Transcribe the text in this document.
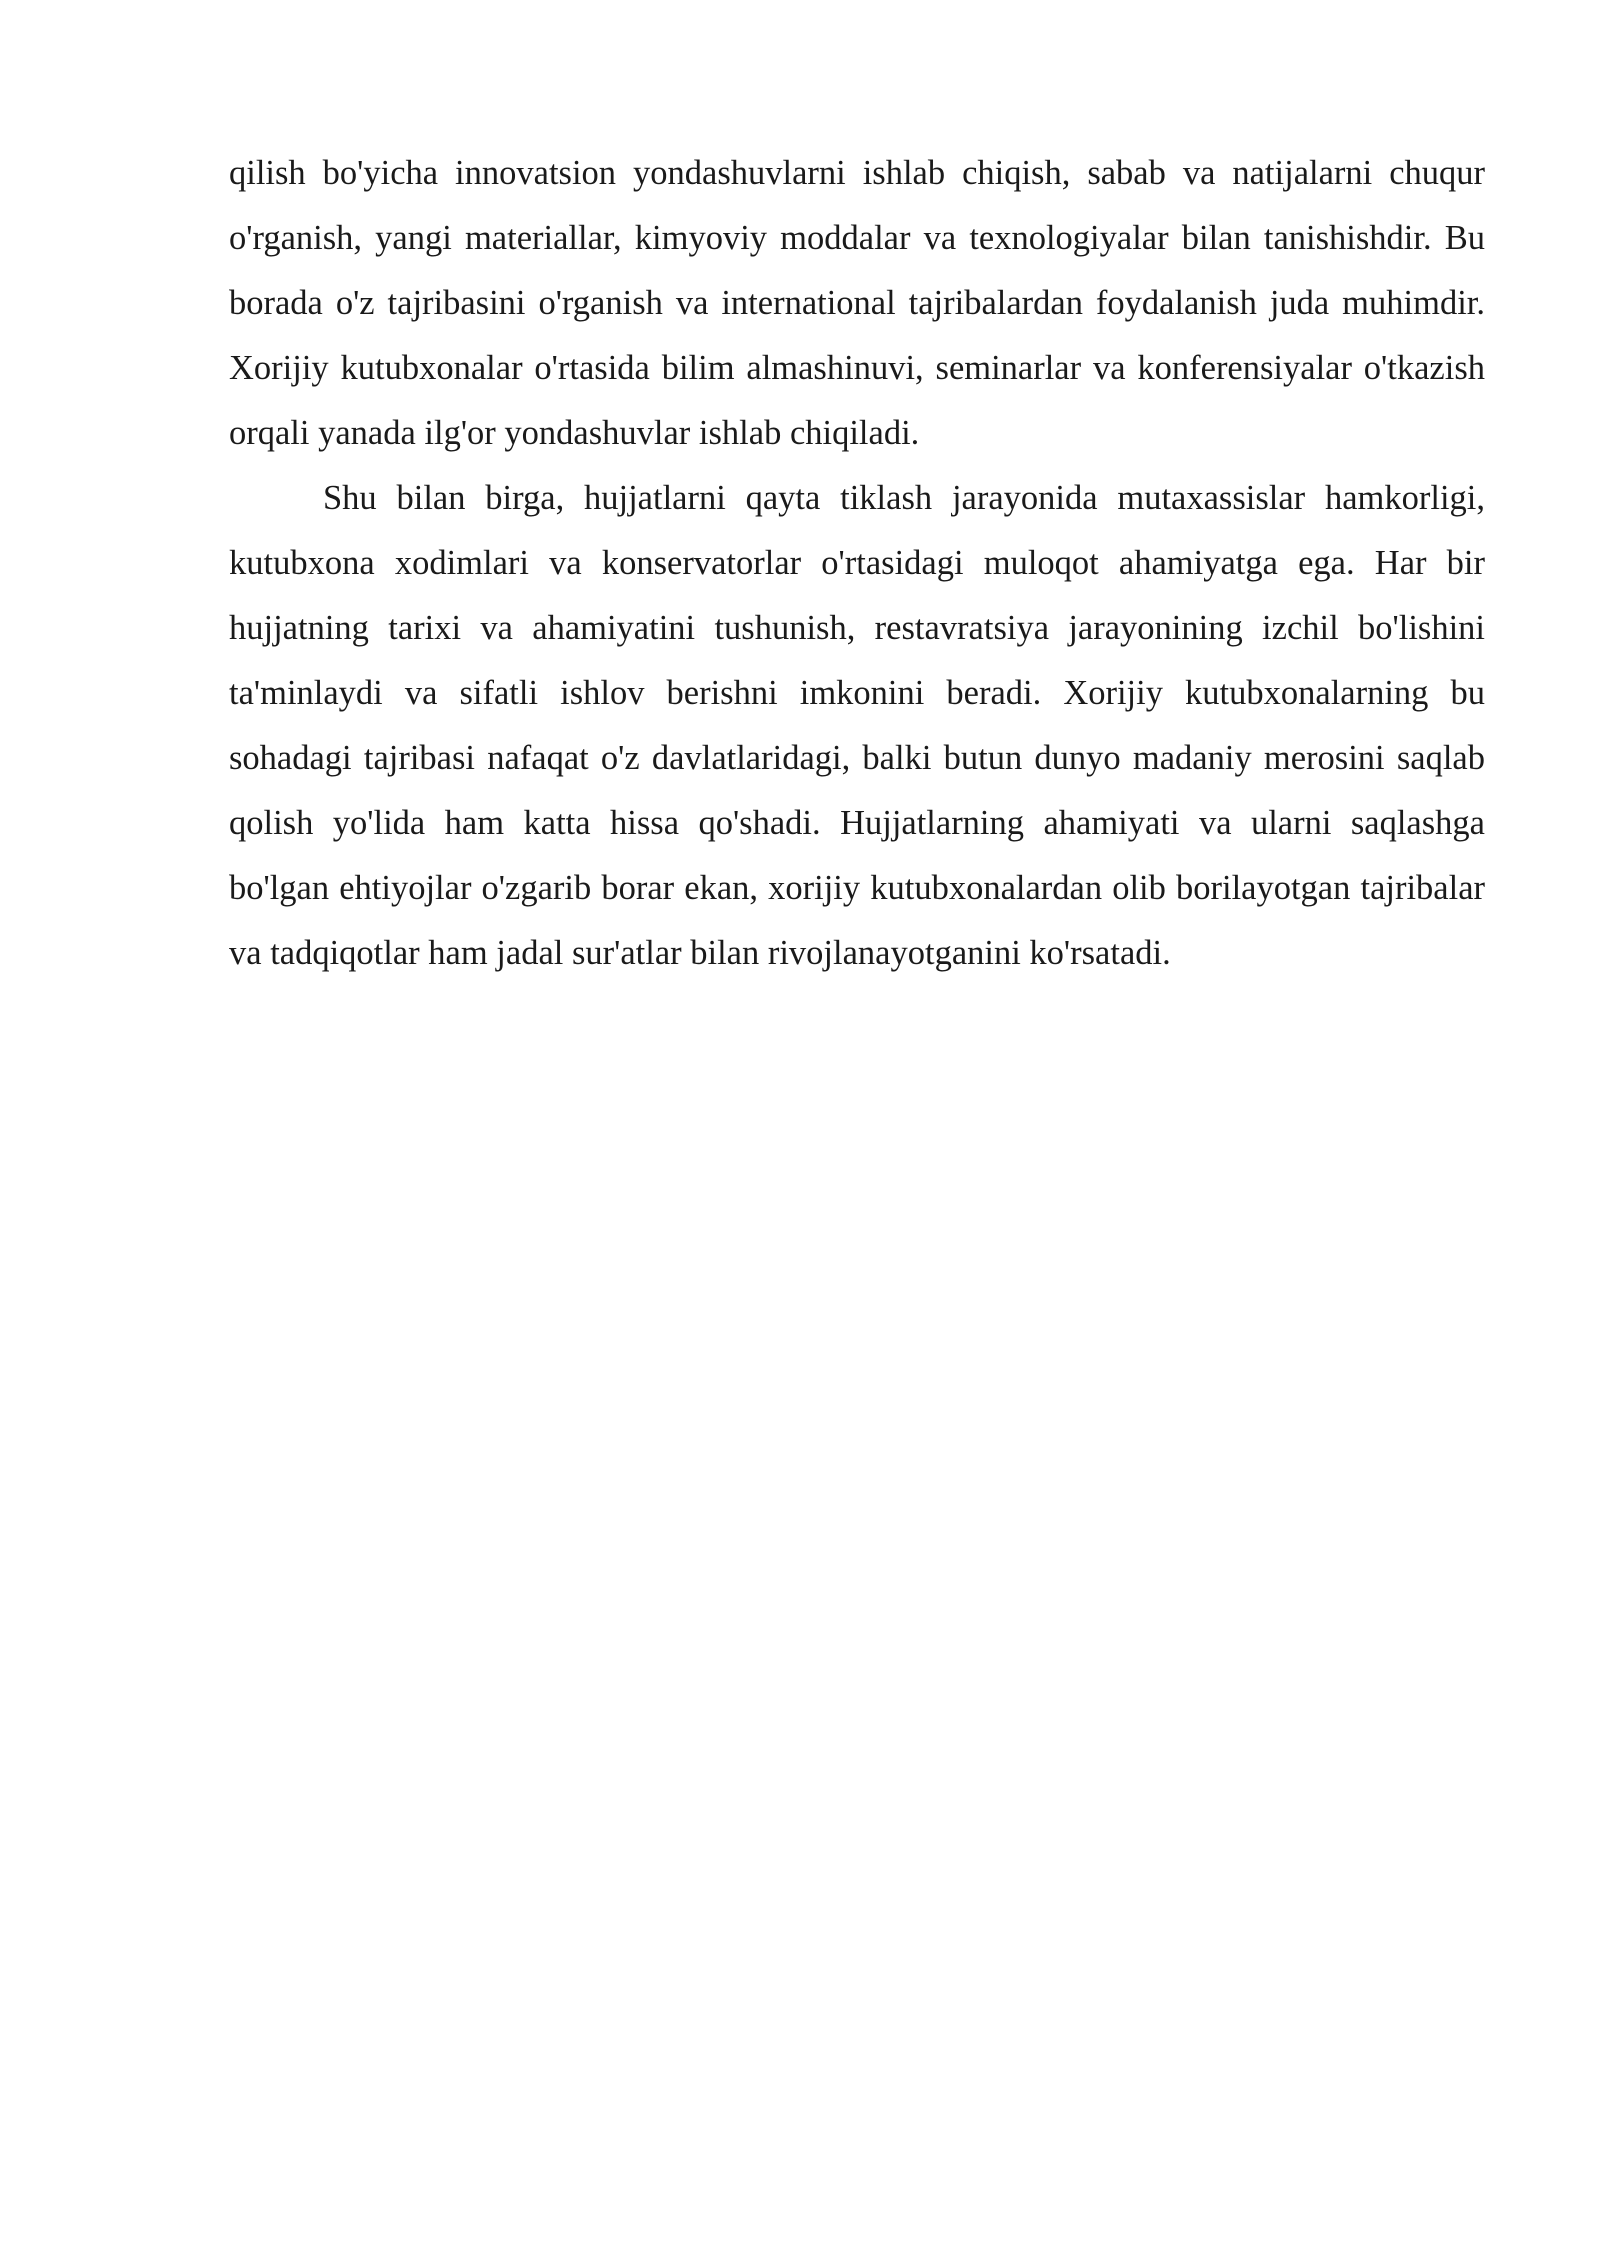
qilish bo'yicha innovatsion yondashuvlarni ishlab chiqish, sabab va natijalarni chuqur o'rganish, yangi materiallar, kimyoviy moddalar va texnologiyalar bilan tanishishdir. Bu borada o'z tajribasini o'rganish va international tajribalardan foydalanish juda muhimdir. Xorijiy kutubxonalar o'rtasida bilim almashinuvi, seminarlar va konferensiyalar o'tkazish orqali yanada ilg'or yondashuvlar ishlab chiqiladi.

Shu bilan birga, hujjatlarni qayta tiklash jarayonida mutaxassislar hamkorligi, kutubxona xodimlari va konservatorlar o'rtasidagi muloqot ahamiyatga ega. Har bir hujjatning tarixi va ahamiyatini tushunish, restavratsiya jarayonining izchil bo'lishini ta'minlaydi va sifatli ishlov berishni imkonini beradi. Xorijiy kutubxonalarning bu sohadagi tajribasi nafaqat o'z davlatlaridagi, balki butun dunyo madaniy merosini saqlab qolish yo'lida ham katta hissa qo'shadi. Hujjatlarning ahamiyati va ularni saqlashga bo'lgan ehtiyojlar o'zgarib borar ekan, xorijiy kutubxonalardan olib borilayotgan tajribalar va tadqiqotlar ham jadal sur'atlar bilan rivojlanayotganini ko'rsatadi.
